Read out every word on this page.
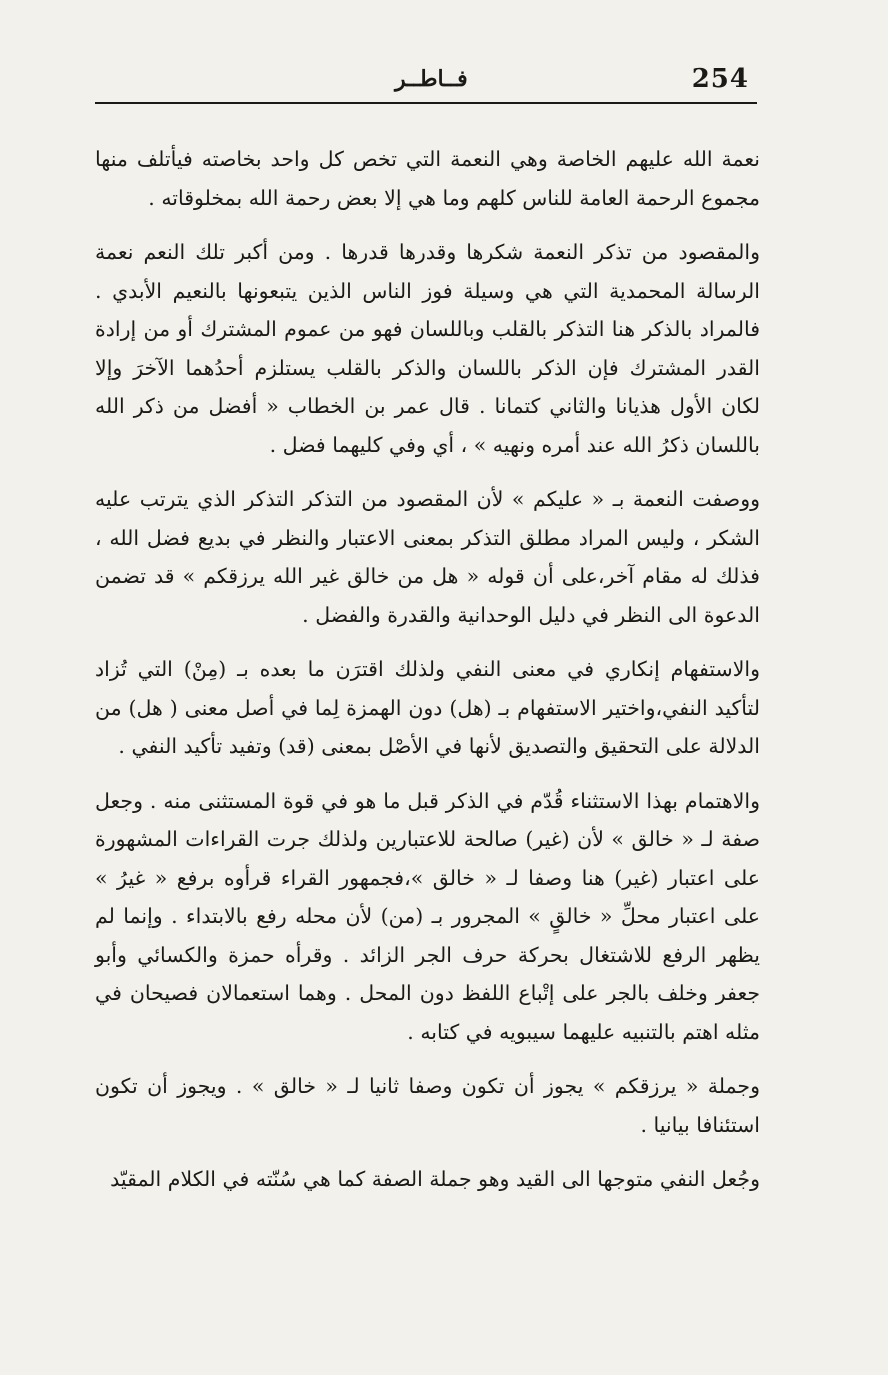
254
فــاطــر

نعمة الله عليهم الخاصة وهي النعمة التي تخص كل واحد بخاصته فيأتلف منها مجموع الرحمة العامة للناس كلهم وما هي إلا بعض رحمة الله بمخلوقاته .

والمقصود من تذكر النعمة شكرها وقدرها قدرها . ومن أكبر تلك النعم نعمة الرسالة المحمدية التي هي وسيلة فوز الناس الذين يتبعونها بالنعيم الأبدي . فالمراد بالذكر هنا التذكر بالقلب وباللسان فهو من عموم المشترك أو من إرادة القدر المشترك فإن الذكر باللسان والذكر بالقلب يستلزم أحدُهما الآخرَ وإلا لكان الأول هذيانا والثاني كتمانا . قال عمر بن الخطاب « أفضل من ذكر الله باللسان ذكرُ الله عند أمره ونهيه » ، أي وفي كليهما فضل .

ووصفت النعمة بـ « عليكم » لأن المقصود من التذكر التذكر الذي يترتب عليه الشكر ، وليس المراد مطلق التذكر بمعنى الاعتبار والنظر في بديع فضل الله ، فذلك له مقام آخر،على أن قوله « هل من خالق غير الله يرزقكم » قد تضمن الدعوة الى النظر في دليل الوحدانية والقدرة والفضل .

والاستفهام إنكاري في معنى النفي ولذلك اقترَن ما بعده بـ (مِنْ) التي تُزاد لتأكيد النفي،واختير الاستفهام بـ (هل) دون الهمزة لِما في أصل معنى ( هل) من الدلالة على التحقيق والتصديق لأنها في الأصْل بمعنى (قد) وتفيد تأكيد النفي .

والاهتمام بهذا الاستثناء قُدّم في الذكر قبل ما هو في قوة المستثنى منه . وجعل صفة لـ « خالق » لأن (غير) صالحة للاعتبارين ولذلك جرت القراءات المشهورة على اعتبار (غير) هنا وصفا لـ « خالق »،فجمهور القراء قرأوه برفع « غيرُ » على اعتبار محلِّ « خالقٍ » المجرور بـ (من) لأن محله رفع بالابتداء . وإنما لم يظهر الرفع للاشتغال بحركة حرف الجر الزائد . وقرأه حمزة والكسائي وأبو جعفر وخلف بالجر على إتْباع اللفظ دون المحل . وهما استعمالان فصيحان في مثله اهتم بالتنبيه عليهما سيبويه في كتابه .

وجملة « يرزقكم » يجوز أن تكون وصفا ثانيا لـ « خالق » . ويجوز أن تكون استئنافا بيانيا .

وجُعل النفي متوجها الى القيد وهو جملة الصفة كما هي سُنّته في الكلام المقيّد
